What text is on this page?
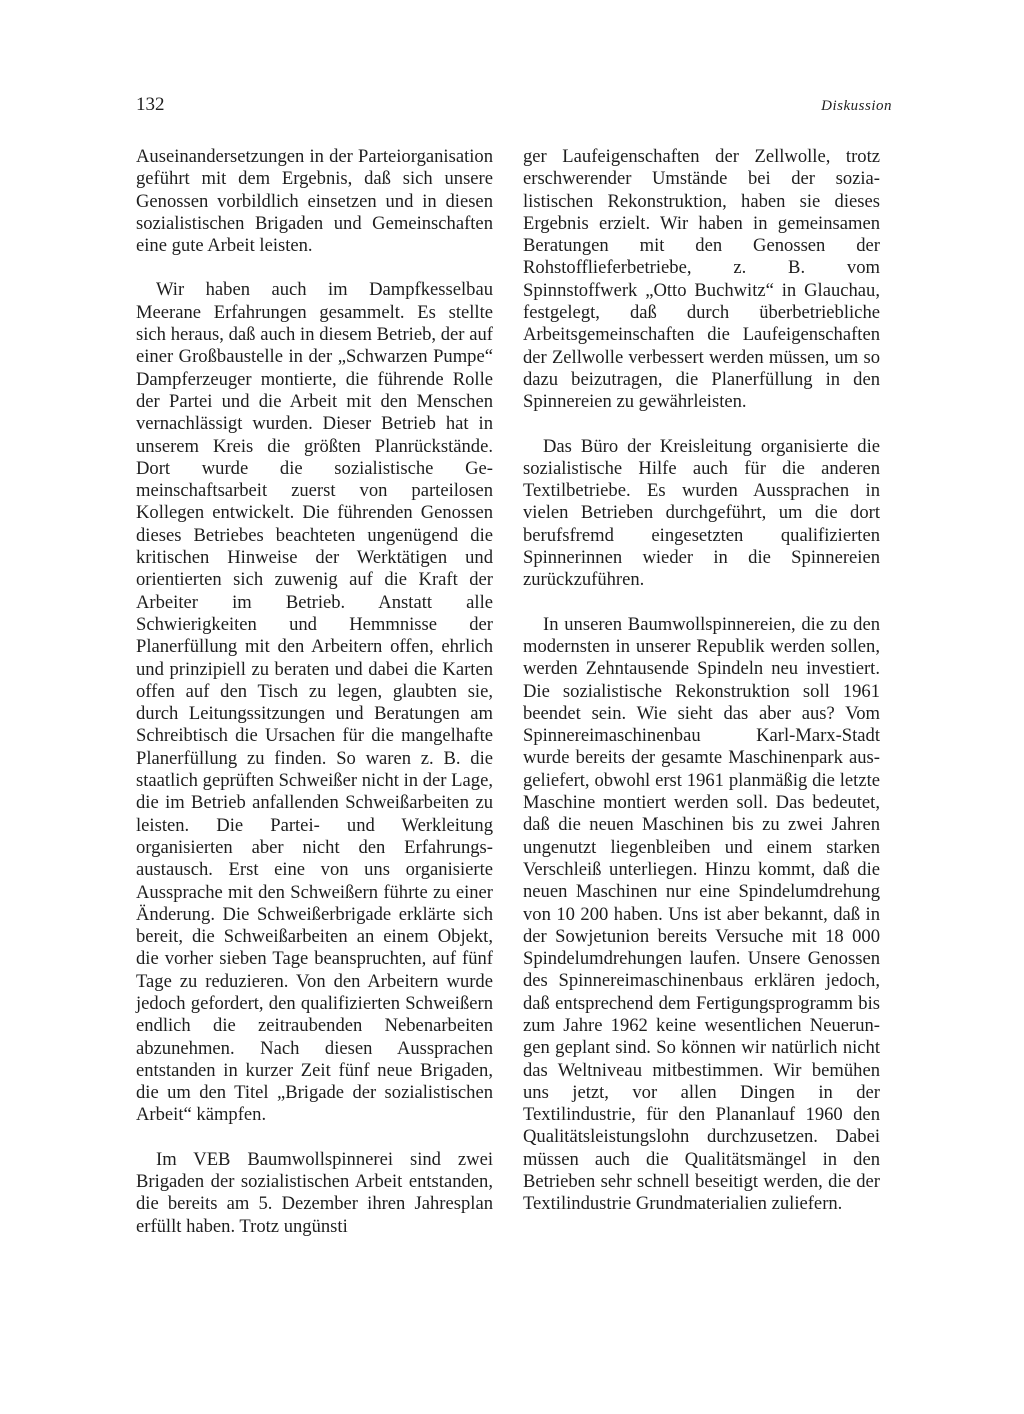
132	Diskussion

Auseinandersetzungen in der Parteiorganisation geführt mit dem Ergebnis, daß sich unsere Genossen vorbildlich einsetzen und in diesen sozialistischen Brigaden und Gemeinschaften eine gute Arbeit leisten.

Wir haben auch im Dampfkesselbau Meerane Erfahrungen gesammelt. Es stellte sich heraus, daß auch in diesem Betrieb, der auf einer Großbaustelle in der „Schwarzen Pumpe“ Dampferzeuger montierte, die führende Rolle der Partei und die Arbeit mit den Menschen vernachlässigt wurden. Dieser Betrieb hat in unserem Kreis die größten Planrückstände. Dort wurde die sozialistische Gemeinschaftsarbeit zuerst von parteilosen Kollegen entwickelt. Die führenden Genossen dieses Betriebes beachteten ungenügend die kritischen Hinweise der Werktätigen und orientierten sich zuwenig auf die Kraft der Arbeiter im Betrieb. Anstatt alle Schwierigkeiten und Hemmnisse der Planerfüllung mit den Arbeitern offen, ehrlich und prinzipiell zu beraten und dabei die Karten offen auf den Tisch zu legen, glaubten sie, durch Leitungssitzungen und Beratungen am Schreibtisch die Ursachen für die mangelhafte Planerfüllung zu finden. So waren z. B. die staatlich geprüften Schweißer nicht in der Lage, die im Betrieb anfallenden Schweißarbeiten zu leisten. Die Partei- und Werkleitung organisierten aber nicht den Erfahrungsaustausch. Erst eine von uns organisierte Aussprache mit den Schweißern führte zu einer Änderung. Die Schweißerbrigade erklärte sich bereit, die Schweißarbeiten an einem Objekt, die vorher sieben Tage beanspruchten, auf fünf Tage zu reduzieren. Von den Arbeitern wurde jedoch gefordert, den qualifizierten Schweißern endlich die zeitraubenden Nebenarbeiten abzunehmen. Nach diesen Aussprachen entstanden in kurzer Zeit fünf neue Brigaden, die um den Titel „Brigade der sozialistischen Arbeit“ kämpfen.

Im VEB Baumwollspinnerei sind zwei Brigaden der sozialistischen Arbeit entstanden, die bereits am 5. Dezember ihren Jahresplan erfüllt haben. Trotz ungünsti

ger Laufeigenschaften der Zellwolle, trotz erschwerender Umstände bei der sozialistischen Rekonstruktion, haben sie dieses Ergebnis erzielt. Wir haben in gemeinsamen Beratungen mit den Genossen der Rohstofflieferbetriebe, z. B. vom Spinnstoffwerk „Otto Buchwitz“ in Glauchau, festgelegt, daß durch überbetriebliche Arbeitsgemeinschaften die Laufeigenschaften der Zellwolle verbessert werden müssen, um so dazu beizutragen, die Planerfüllung in den Spinnereien zu gewährleisten.

Das Büro der Kreisleitung organisierte die sozialistische Hilfe auch für die anderen Textilbetriebe. Es wurden Aussprachen in vielen Betrieben durchgeführt, um die dort berufsfremd eingesetzten qualifizierten Spinnerinnen wieder in die Spinnereien zurückzuführen.

In unseren Baumwollspinnereien, die zu den modernsten in unserer Republik werden sollen, werden Zehntausende Spindeln neu investiert. Die sozialistische Rekonstruktion soll 1961 beendet sein. Wie sieht das aber aus? Vom Spinnereimaschinenbau Karl-Marx-Stadt wurde bereits der gesamte Maschinenpark ausgeliefert, obwohl erst 1961 planmäßig die letzte Maschine montiert werden soll. Das bedeutet, daß die neuen Maschinen bis zu zwei Jahren ungenutzt liegenbleiben und einem starken Verschleiß unterliegen. Hinzu kommt, daß die neuen Maschinen nur eine Spindelumdrehung von 10 200 haben. Uns ist aber bekannt, daß in der Sowjetunion bereits Versuche mit 18 000 Spindelumdrehungen laufen. Unsere Genossen des Spinnereimaschinenbaus erklären jedoch, daß entsprechend dem Fertigungsprogramm bis zum Jahre 1962 keine wesentlichen Neuerungen geplant sind. So können wir natürlich nicht das Weltniveau mitbestimmen. Wir bemühen uns jetzt, vor allen Dingen in der Textilindustrie, für den Plananlauf 1960 den Qualitätsleistungslohn durchzusetzen. Dabei müssen auch die Qualitätsmängel in den Betrieben sehr schnell beseitigt werden, die der Textilindustrie Grundmaterialien zuliefern.
